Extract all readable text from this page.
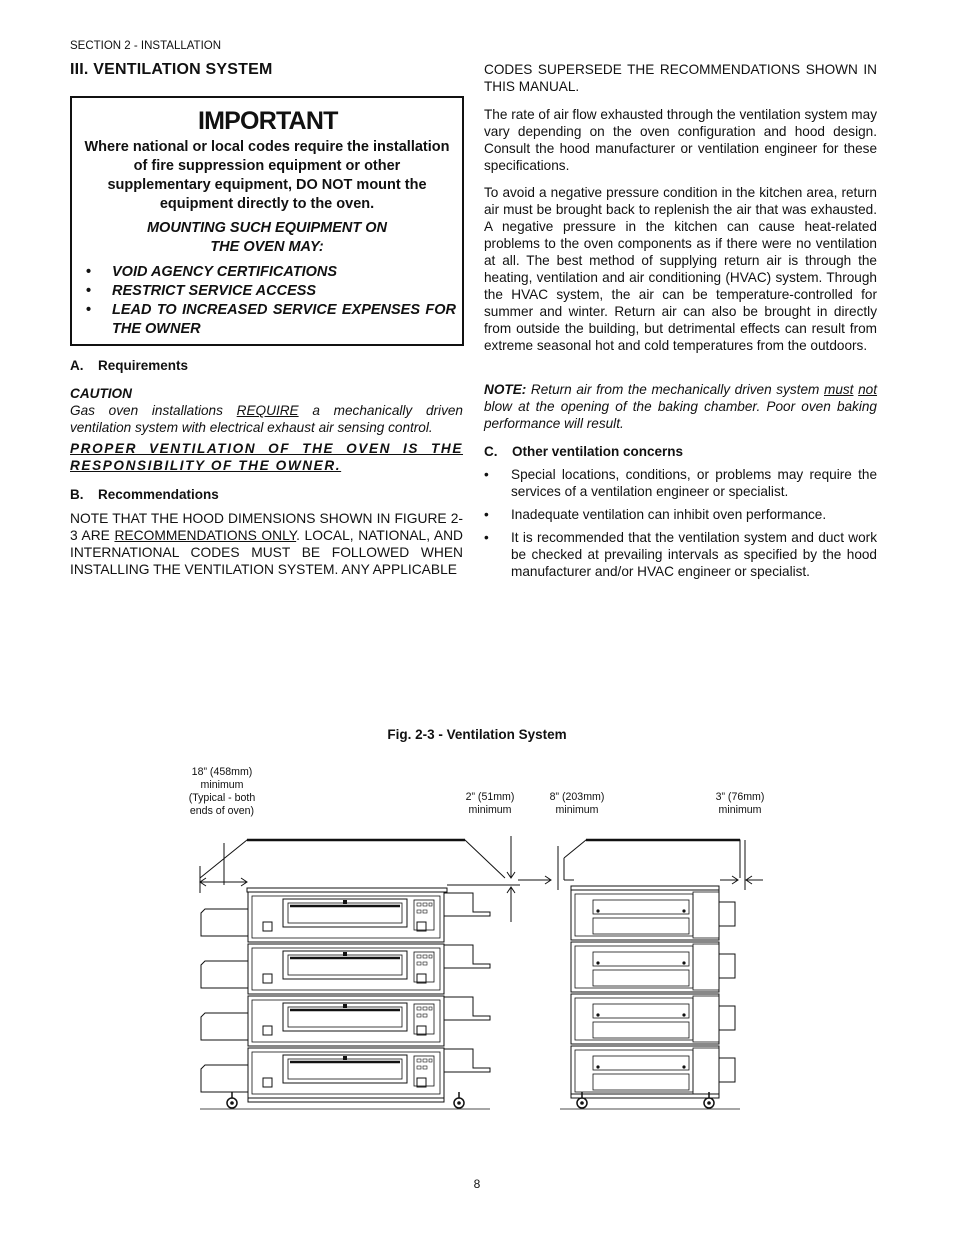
SECTION 2 - INSTALLATION
III. VENTILATION SYSTEM
IMPORTANT
Where national or local codes require the installation of fire suppression equipment or other supplementary equipment, DO NOT mount the equipment directly to the oven.
MOUNTING SUCH EQUIPMENT ON
THE OVEN MAY:
• VOID AGENCY CERTIFICATIONS
• RESTRICT SERVICE ACCESS
• LEAD TO INCREASED SERVICE EXPENSES FOR THE OWNER
A. Requirements
CAUTION
Gas oven installations REQUIRE a mechanically driven ventilation system with electrical exhaust air sensing control.
PROPER VENTILATION OF THE OVEN IS THE RESPONSIBILITY OF THE OWNER.
B. Recommendations
NOTE THAT THE HOOD DIMENSIONS SHOWN IN FIGURE 2-3 ARE RECOMMENDATIONS ONLY. LOCAL, NATIONAL, AND INTERNATIONAL CODES MUST BE FOLLOWED WHEN INSTALLING THE VENTILATION SYSTEM. ANY APPLICABLE
CODES SUPERSEDE THE RECOMMENDATIONS SHOWN IN THIS MANUAL.
The rate of air flow exhausted through the ventilation system may vary depending on the oven configuration and hood design. Consult the hood manufacturer or ventilation engineer for these specifications.
To avoid a negative pressure condition in the kitchen area, return air must be brought back to replenish the air that was exhausted. A negative pressure in the kitchen can cause heat-related problems to the oven components as if there were no ventilation at all. The best method of supplying return air is through the heating, ventilation and air conditioning (HVAC) system. Through the HVAC system, the air can be temperature-controlled for summer and winter. Return air can also be brought in directly from outside the building, but detrimental effects can result from extreme seasonal hot and cold temperatures from the outdoors.
NOTE: Return air from the mechanically driven system must not blow at the opening of the baking chamber. Poor oven baking performance will result.
C. Other ventilation concerns
• Special locations, conditions, or problems may require the services of a ventilation engineer or specialist.
• Inadequate ventilation can inhibit oven performance.
• It is recommended that the ventilation system and duct work be checked at prevailing intervals as specified by the hood manufacturer and/or HVAC engineer or specialist.
Fig. 2-3 - Ventilation System
18” (458mm)
minimum
(Typical - both
ends of oven)
2” (51mm)
minimum
8” (203mm)
minimum
3” (76mm)
minimum
8
